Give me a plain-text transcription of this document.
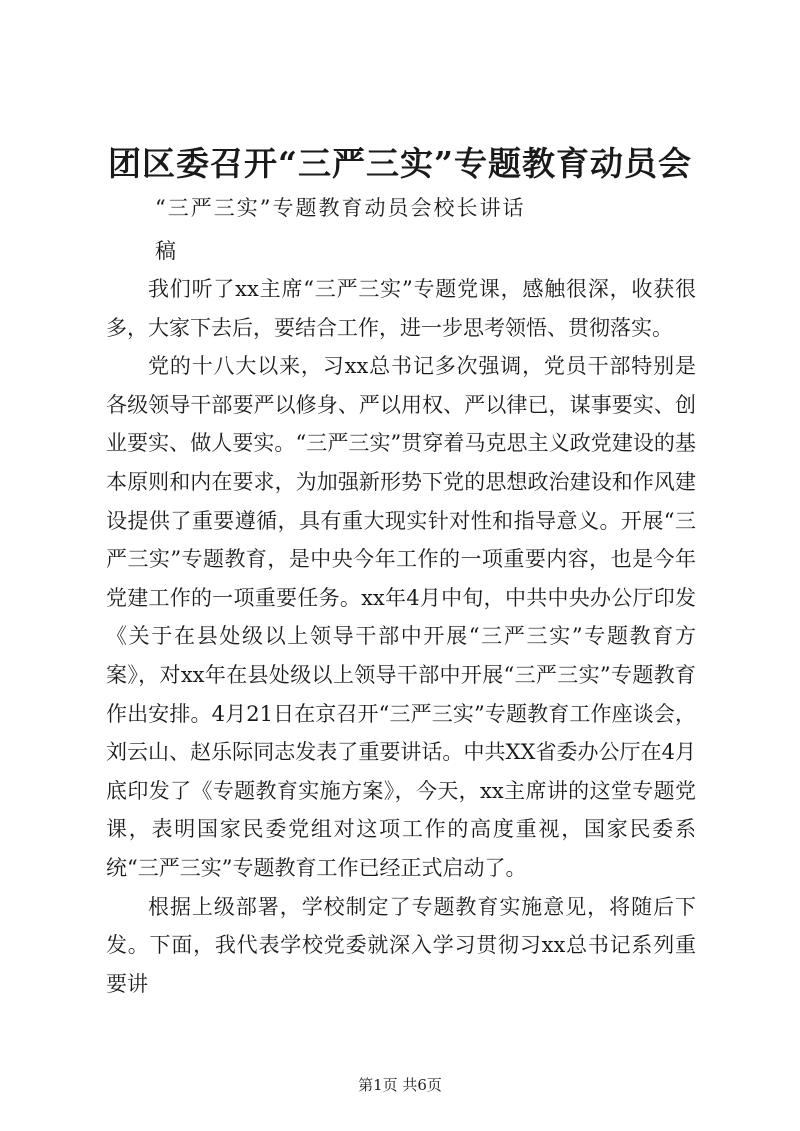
团区委召开“三严三实”专题教育动员会
“三严三实”专题教育动员会校长讲话
稿

我们听了xx主席“三严三实”专题党课，感触很深，收获很多，大家下去后，要结合工作，进一步思考领悟、贯彻落实。

党的十八大以来，习xx总书记多次强调，党员干部特别是各级领导干部要严以修身、严以用权、严以律已，谋事要实、创业要实、做人要实。“三严三实”贯穿着马克思主义政党建设的基本原则和内在要求，为加强新形势下党的思想政治建设和作风建设提供了重要遵循，具有重大现实针对性和指导意义。开展“三严三实”专题教育，是中央今年工作的一项重要内容，也是今年党建工作的一项重要任务。xx年4月中旬，中共中央办公厅印发《关于在县处级以上领导干部中开展“三严三实”专题教育方案》，对xx年在县处级以上领导干部中开展“三严三实”专题教育作出安排。4月21日在京召开“三严三实”专题教育工作座谈会，刘云山、赵乐际同志发表了重要讲话。中共XX省委办公厅在4月底印发了《专题教育实施方案》，今天，xx主席讲的这堂专题党课，表明国家民委党组对这项工作的高度重视，国家民委系统“三严三实”专题教育工作已经正式启动了。

根据上级部署，学校制定了专题教育实施意见，将随后下发。下面，我代表学校党委就深入学习贯彻习xx总书记系列重要讲

第1页 共6页
